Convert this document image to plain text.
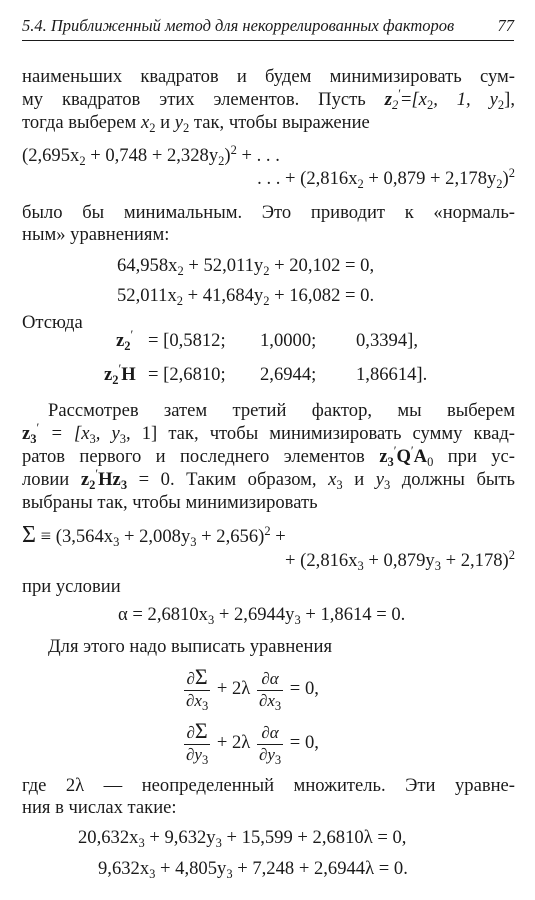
5.4. Приближенный метод для некоррелированных факторов	77
наименьших квадратов и будем минимизировать сум-
му квадратов этих элементов. Пусть $z_2'=[x_2$, 1, $y_2$],
тогда выберем $x_2$ и $y_2$ так, чтобы выражение
$(2,695x_2 + 0,748 + 2,328y_2)^2$ + . . .
. . . + $(2,816x_2 + 0,879 + 2,178y_2)^2$
было бы минимальным. Это приводит к «нормаль-
ным» уравнениям:
$64,958x_2 + 52,011y_2 + 20,102 = 0$,
$52,011x_2 + 41,684y_2 + 16,082 = 0$.
Отсюда
$z_2' = [0,5812$; 1,0000; 0,3394],
$z_2'H = [2,6810$; 2,6944; 1,86614].
Рассмотрев затем третий фактор, мы выберем
$z_3' = [x_3$, $y_3$, 1] так, чтобы минимизировать сумму квад-
ратов первого и последнего элементов $z_3'Q'A_0$ при ус-
ловии $z_2'Hz_3 = 0$. Таким образом, $x_3$ и $y_3$ должны быть
выбраны так, чтобы минимизировать
$\Sigma \equiv (3,564x_3 + 2,008y_3 + 2,656)^2$ +
+ $(2,816x_3 + 0,879y_3 + 2,178)^2$
при условии
$\alpha = 2,6810x_3 + 2,6944y_3 + 1,8614 = 0$.
Для этого надо выписать уравнения
$\frac{\partial\Sigma}{\partial x_3} + 2\lambda \frac{\partial\alpha}{\partial x_3} = 0$,
$\frac{\partial\Sigma}{\partial y_3} + 2\lambda \frac{\partial\alpha}{\partial y_3} = 0$,
где 2λ — неопределенный множитель. Эти уравне-
ния в числах такие:
$20,632x_3 + 9,632y_3 + 15,599 + 2,6810\lambda = 0$,
$9,632x_3 + 4,805y_3 + 7,248 + 2,6944\lambda = 0$.
